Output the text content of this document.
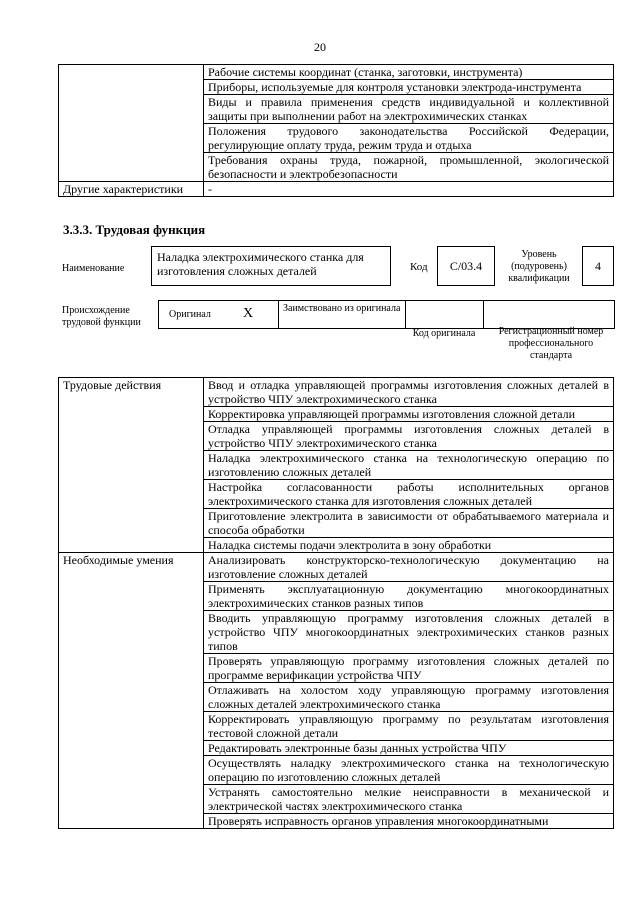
20
	Рабочие системы координат (станка, заготовки, инструмента)
	Приборы, используемые для контроля установки электрода-инструмента
	Виды и правила применения средств индивидуальной и коллективной защиты при выполнении работ на электрохимических станках
	Положения трудового законодательства Российской Федерации, регулирующие оплату труда, режим труда и отдыха
	Требования охраны труда, пожарной, промышленной, экологической безопасности и электробезопасности
Другие характеристики	-
3.3.3. Трудовая функция
Наименование
Наладка электрохимического станка для изготовления сложных деталей	Код	C/03.4
Уровень (подуровень) квалификации
4
Происхождение трудовой функции
Оригинал X	Заимствовано из оригинала
Код оригинала	Регистрационный номер профессионального стандарта
Трудовые действия	Ввод и отладка управляющей программы изготовления сложных деталей в устройство ЧПУ электрохимического станка
	Корректировка управляющей программы изготовления сложной детали
	Отладка управляющей программы изготовления сложных деталей в устройство ЧПУ электрохимического станка
	Наладка электрохимического станка на технологическую операцию по изготовлению сложных деталей
	Настройка согласованности работы исполнительных органов электрохимического станка для изготовления сложных деталей
	Приготовление электролита в зависимости от обрабатываемого материала и способа обработки
	Наладка системы подачи электролита в зону обработки
Необходимые умения	Анализировать конструкторско-технологическую документацию на изготовление сложных деталей
	Применять эксплуатационную документацию многокоординатных электрохимических станков разных типов
	Вводить управляющую программу изготовления сложных деталей в устройство ЧПУ многокоординатных электрохимических станков разных типов
	Проверять управляющую программу изготовления сложных деталей по программе верификации устройства ЧПУ
	Отлаживать на холостом ходу управляющую программу изготовления сложных деталей электрохимического станка
	Корректировать управляющую программу по результатам изготовления тестовой сложной детали
	Редактировать электронные базы данных устройства ЧПУ
	Осуществлять наладку электрохимического станка на технологическую операцию по изготовлению сложных деталей
	Устранять самостоятельно мелкие неисправности в механической и электрической частях электрохимического станка
	Проверять исправность органов управления многокоординатными
